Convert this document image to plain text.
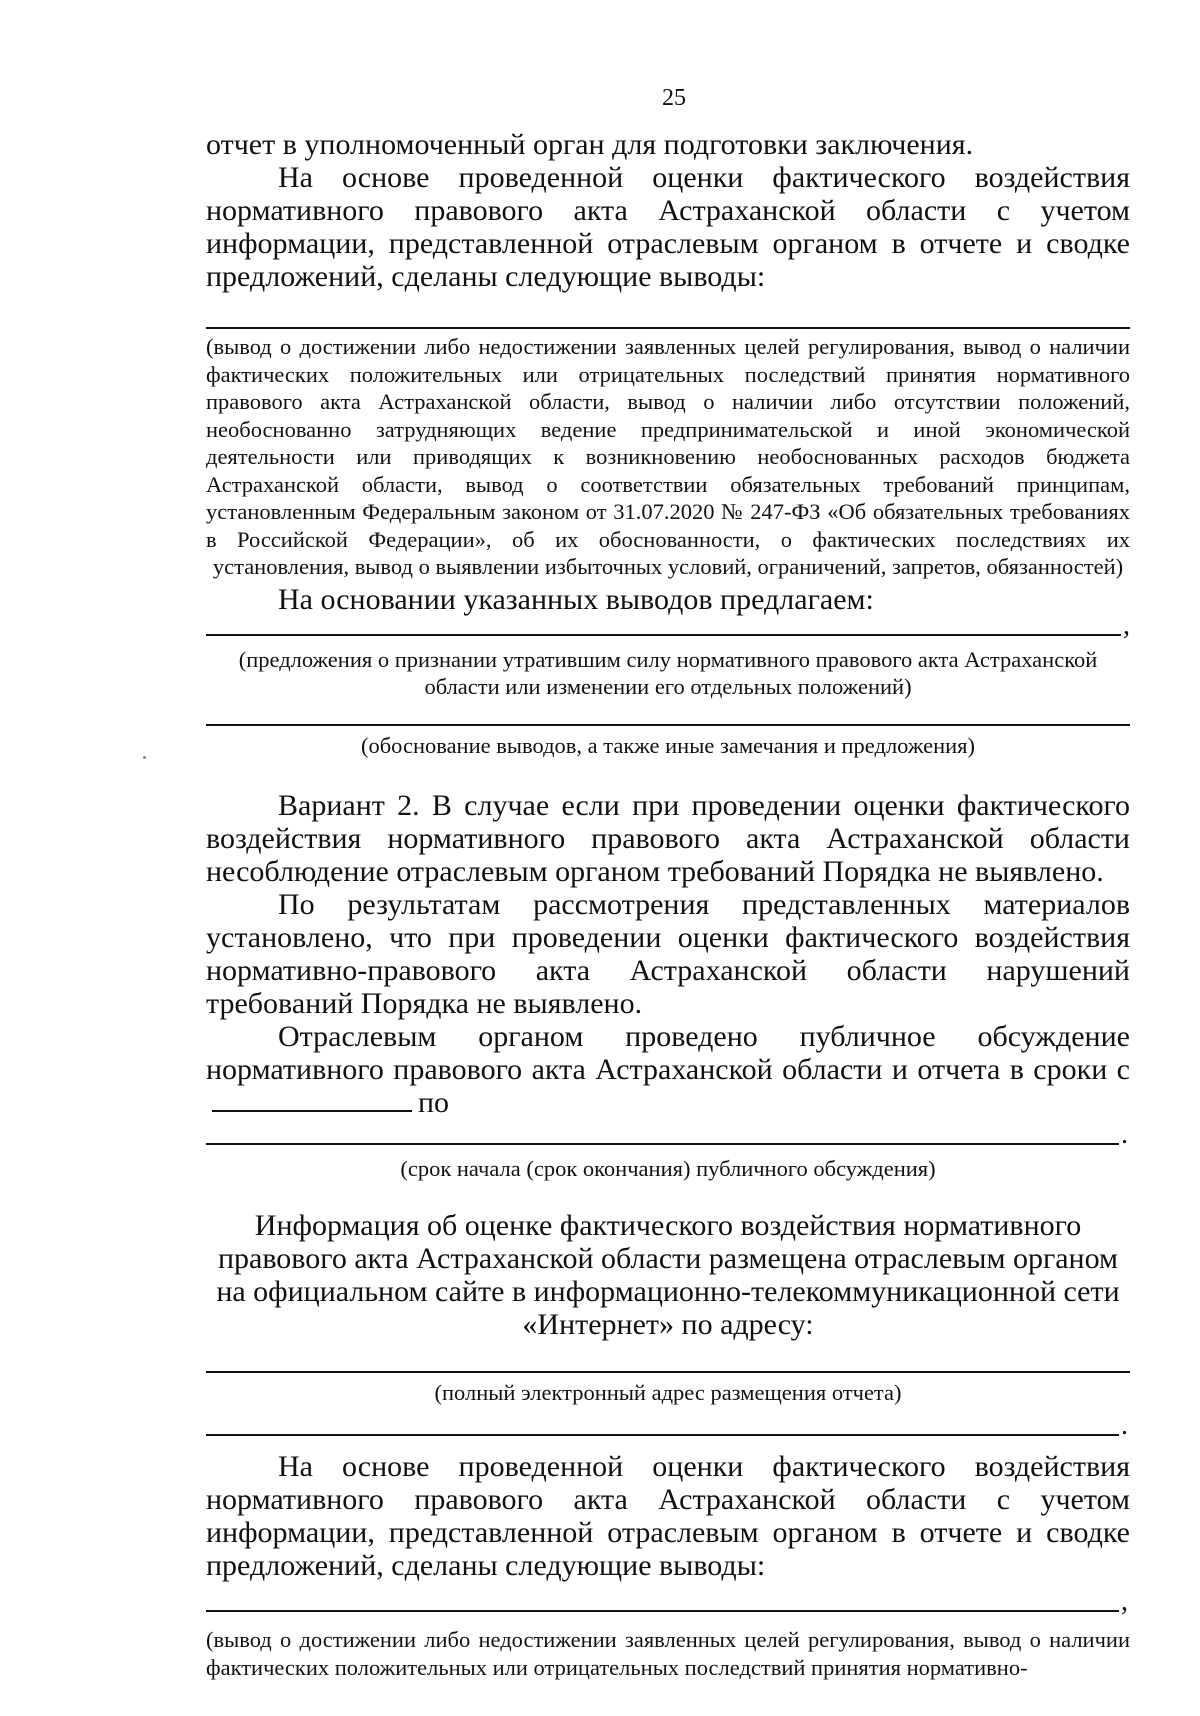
25

отчет в уполномоченный орган для подготовки заключения.

На основе проведенной оценки фактического воздействия нормативного правового акта Астраханской области с учетом информации, представленной отраслевым органом в отчете и сводке предложений, сделаны следующие выводы:

(вывод о достижении либо недостижении заявленных целей регулирования, вывод о наличии фактических положительных или отрицательных последствий принятия нормативного правового акта Астраханской области, вывод о наличии либо отсутствии положений, необоснованно затрудняющих ведение предпринимательской и иной экономической деятельности или приводящих к возникновению необоснованных расходов бюджета Астраханской области, вывод о соответствии обязательных требований принципам, установленным Федеральным законом от 31.07.2020 № 247-ФЗ «Об обязательных требованиях в Российской Федерации», об их обоснованности, о фактических последствиях их установления, вывод о выявлении избыточных условий, ограничений, запретов, обязанностей)

На основании указанных выводов предлагаем:

,

(предложения о признании утратившим силу нормативного правового акта Астраханской области или изменении его отдельных положений)

(обоснование выводов, а также иные замечания и предложения)

Вариант 2. В случае если при проведении оценки фактического воздействия нормативного правового акта Астраханской области несоблюдение отраслевым органом требований Порядка не выявлено.

По результатам рассмотрения представленных материалов установлено, что при проведении оценки фактического воздействия нормативно-правового акта Астраханской области нарушений требований Порядка не выявлено.

Отраслевым органом проведено публичное обсуждение нормативного правового акта Астраханской области и отчета в сроки спо

.

(срок начала (срок окончания) публичного обсуждения)

Информация об оценке фактического воздействия нормативного правового акта Астраханской области размещена отраслевым органом на официальном сайте в информационно-телекоммуникационной сети «Интернет» по адресу:

(полный электронный адрес размещения отчета)

.

На основе проведенной оценки фактического воздействия нормативного правового акта Астраханской области с учетом информации, представленной отраслевым органом в отчете и сводке предложений, сделаны следующие выводы:

,

(вывод о достижении либо недостижении заявленных целей регулирования, вывод о наличии фактических положительных или отрицательных последствий принятия нормативно-
